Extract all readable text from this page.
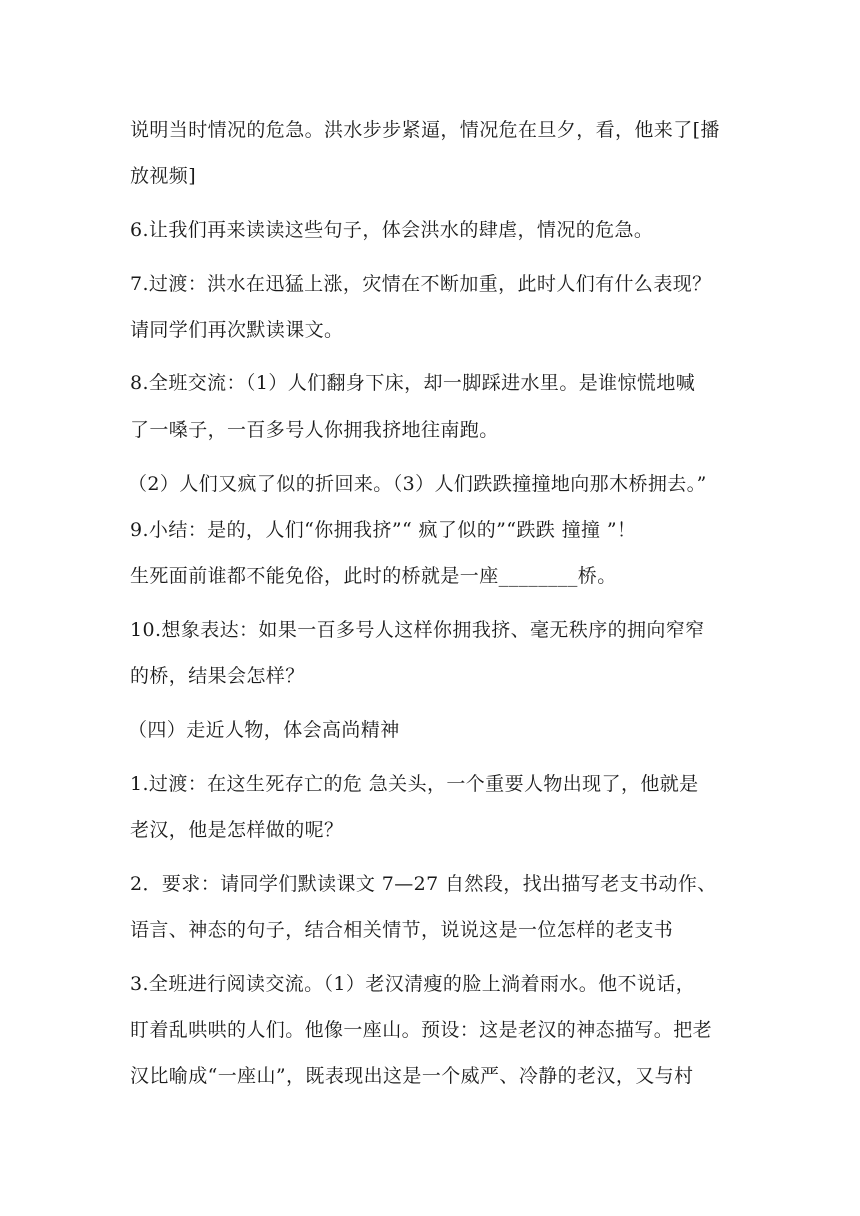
说明当时情况的危急。洪水步步紧逼，情况危在旦夕，看，他来了[播
放视频]
6.让我们再来读读这些句子，体会洪水的肆虐，情况的危急。
7.过渡：洪水在迅猛上涨，灾情在不断加重，此时人们有什么表现？
请同学们再次默读课文。
8.全班交流：（1）人们翻身下床，却一脚踩进水里。是谁惊慌地喊
了一嗓子，一百多号人你拥我挤地往南跑。
（2）人们又疯了似的折回来。（3）人们跌跌撞撞地向那木桥拥去。”
9.小结：是的，人们“你拥我挤”“ 疯了似的”“跌跌 撞撞 ”！
生死面前谁都不能免俗，此时的桥就是一座________桥。
10.想象表达：如果一百多号人这样你拥我挤、毫无秩序的拥向窄窄
的桥，结果会怎样？
（四）走近人物，体会高尚精神
1.过渡：在这生死存亡的危 急关头，一个重要人物出现了，他就是
老汉，他是怎样做的呢？
2．要求：请同学们默读课文 7—27 自然段，找出描写老支书动作、
语言、神态的句子，结合相关情节，说说这是一位怎样的老支书
3.全班进行阅读交流。（1）老汉清瘦的脸上淌着雨水。他不说话，
盯着乱哄哄的人们。他像一座山。预设：这是老汉的神态描写。把老
汉比喻成“一座山”，既表现出这是一个威严、冷静的老汉，又与村
